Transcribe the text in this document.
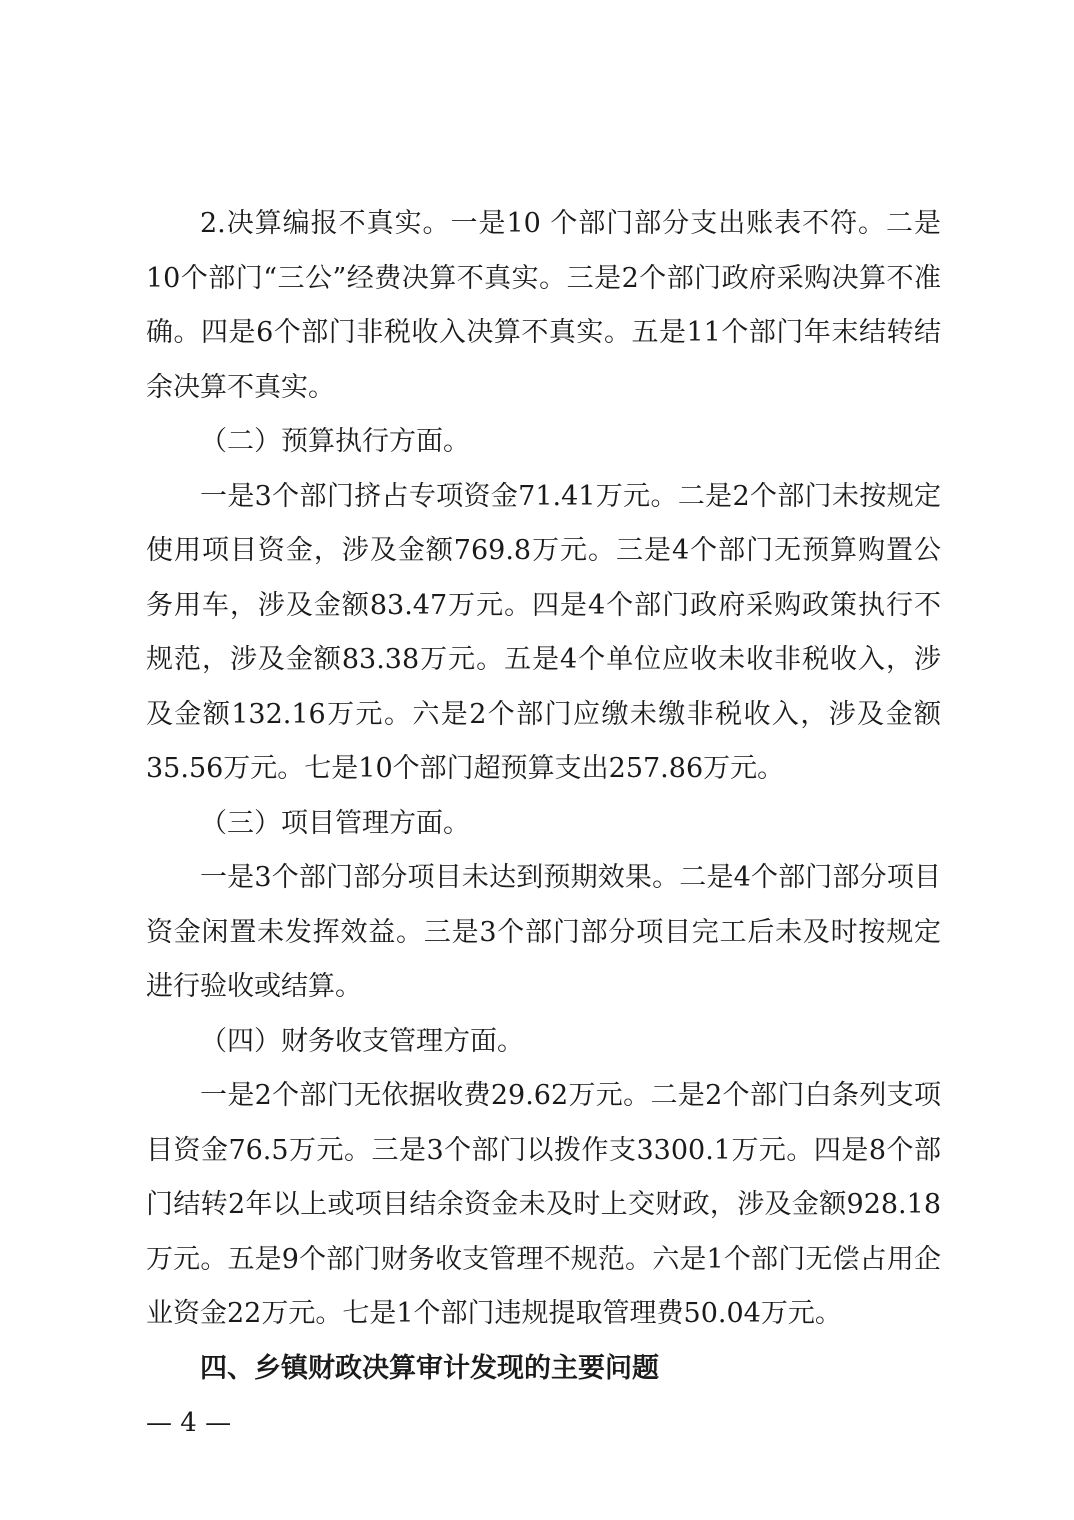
2.决算编报不真实。一是10 个部门部分支出账表不符。二是10个部门“三公”经费决算不真实。三是2个部门政府采购决算不准确。四是6个部门非税收入决算不真实。五是11个部门年末结转结余决算不真实。

（二）预算执行方面。

一是3个部门挤占专项资金71.41万元。二是2个部门未按规定使用项目资金，涉及金额769.8万元。三是4个部门无预算购置公务用车，涉及金额83.47万元。四是4个部门政府采购政策执行不规范，涉及金额83.38万元。五是4个单位应收未收非税收入，涉及金额132.16万元。六是2个部门应缴未缴非税收入，涉及金额35.56万元。七是10个部门超预算支出257.86万元。

（三）项目管理方面。

一是3个部门部分项目未达到预期效果。二是4个部门部分项目资金闲置未发挥效益。三是3个部门部分项目完工后未及时按规定进行验收或结算。

（四）财务收支管理方面。

一是2个部门无依据收费29.62万元。二是2个部门白条列支项目资金76.5万元。三是3个部门以拨作支3300.1万元。四是8个部门结转2年以上或项目结余资金未及时上交财政，涉及金额928.18万元。五是9个部门财务收支管理不规范。六是1个部门无偿占用企业资金22万元。七是1个部门违规提取管理费50.04万元。

四、乡镇财政决算审计发现的主要问题

— 4 —
